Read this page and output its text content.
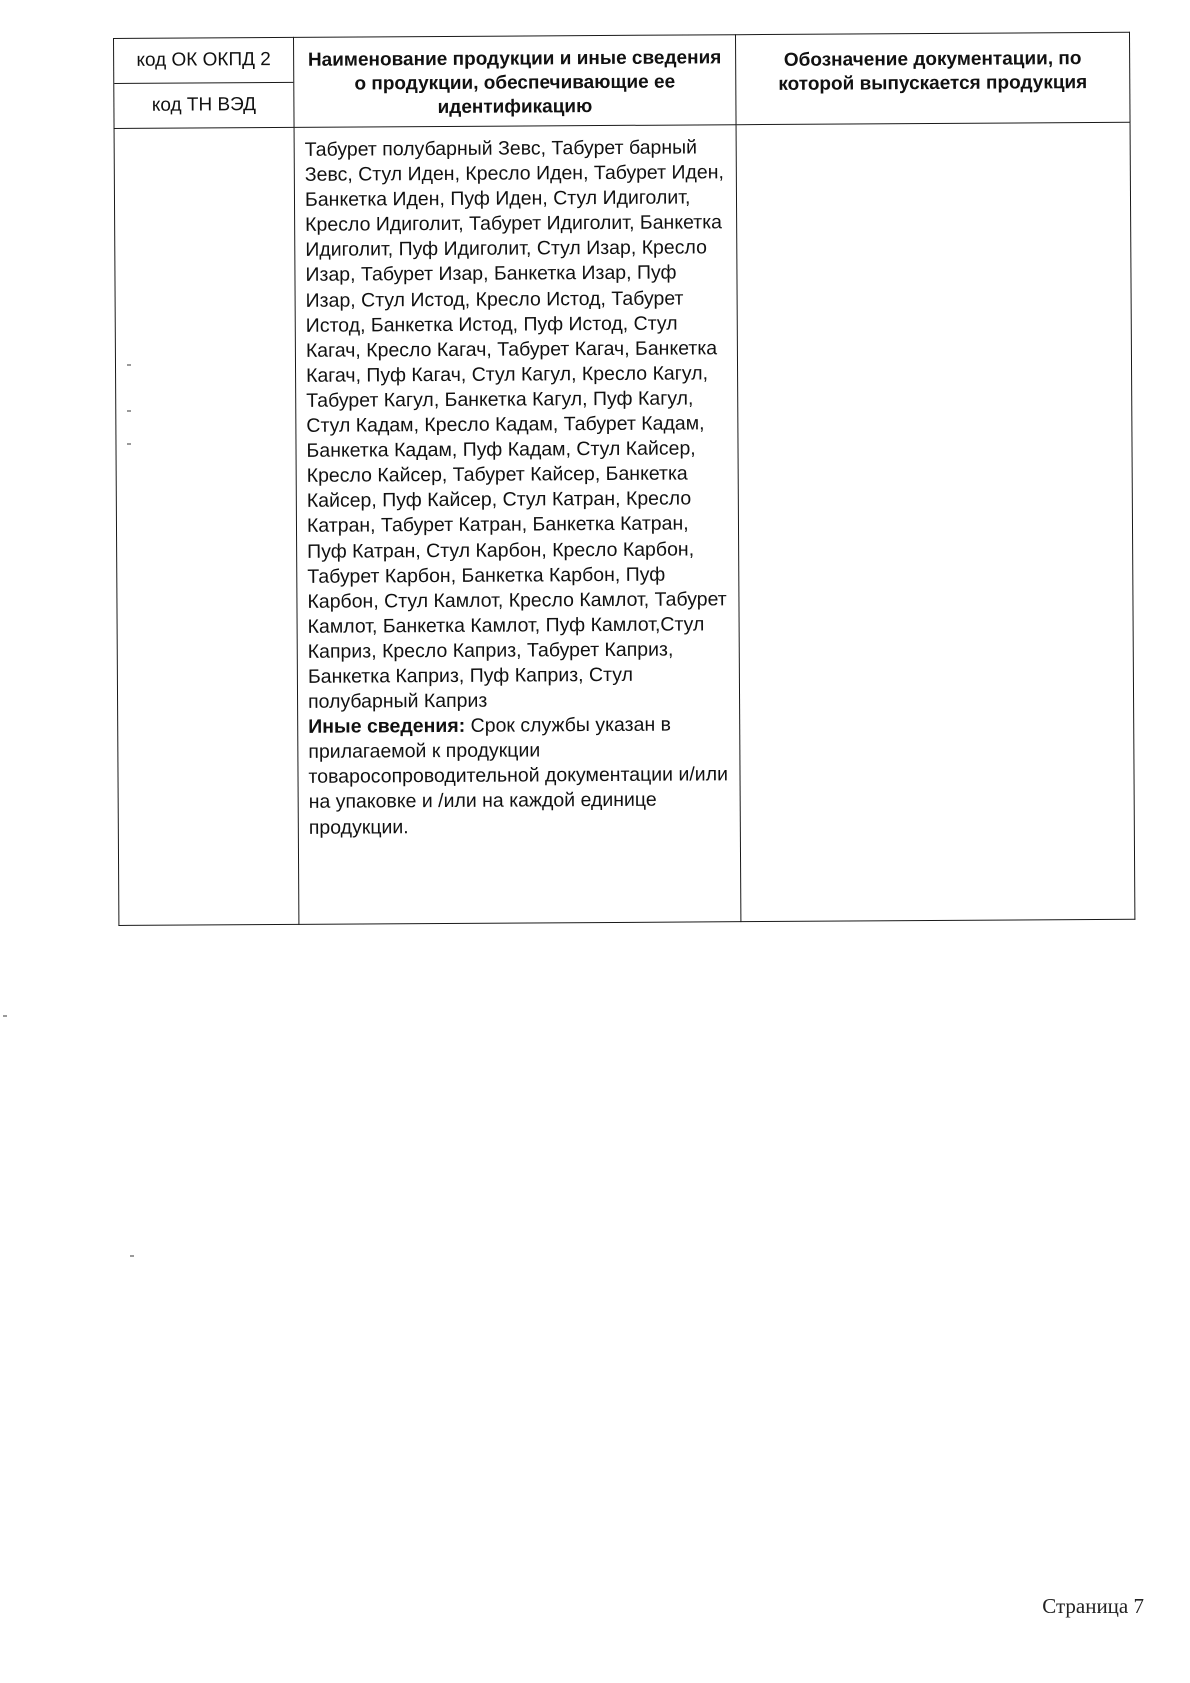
код ОК ОКПД 2
код ТН ВЭД	Наименование продукции и иные сведения о продукции, обеспечивающие ее идентификацию	Обозначение документации, по которой выпускается продукция
	Табурет полубарный Зевс, Табурет барный Зевс, Стул Иден, Кресло Иден, Табурет Иден, Банкетка Иден, Пуф Иден, Стул Идиголит, Кресло Идиголит, Табурет Идиголит, Банкетка Идиголит, Пуф Идиголит, Стул Изар, Кресло Изар, Табурет Изар, Банкетка Изар, Пуф Изар, Стул Истод, Кресло Истод, Табурет Истод, Банкетка Истод, Пуф Истод, Стул Кагач, Кресло Кагач, Табурет Кагач, Банкетка Кагач, Пуф Кагач, Стул Кагул, Кресло Кагул, Табурет Кагул, Банкетка Кагул, Пуф Кагул, Стул Кадам, Кресло Кадам, Табурет Кадам, Банкетка Кадам, Пуф Кадам, Стул Кайсер, Кресло Кайсер, Табурет Кайсер, Банкетка Кайсер, Пуф Кайсер, Стул Катран, Кресло Катран, Табурет Катран, Банкетка Катран, Пуф Катран, Стул Карбон, Кресло Карбон, Табурет Карбон, Банкетка Карбон, Пуф Карбон, Стул Камлот, Кресло Камлот, Табурет Камлот, Банкетка Камлот, Пуф Камлот,Стул Каприз, Кресло Каприз, Табурет Каприз, Банкетка Каприз, Пуф Каприз, Стул полубарный Каприз
Иные сведения: Срок службы указан в прилагаемой к продукции товаросопроводительной документации и/или на упаковке и /или на каждой единице продукции.	
Страница 7
